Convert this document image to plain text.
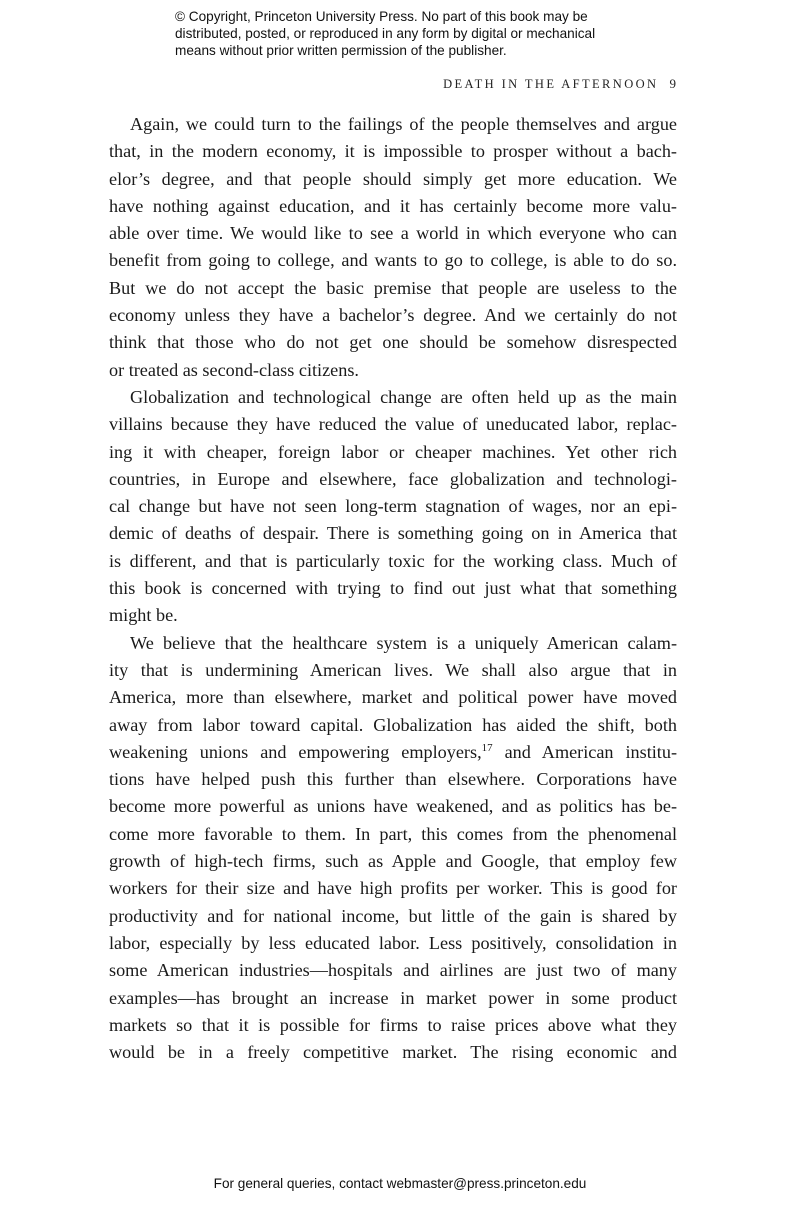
© Copyright, Princeton University Press. No part of this book may be
distributed, posted, or reproduced in any form by digital or mechanical
means without prior written permission of the publisher.
DEATH IN THE AFTERNOON 9
Again, we could turn to the failings of the people themselves and argue
that, in the modern economy, it is impossible to prosper without a bach-
elor’s degree, and that people should simply get more education. We
have nothing against education, and it has certainly become more valu-
able over time. We would like to see a world in which everyone who can
benefit from going to college, and wants to go to college, is able to do so.
But we do not accept the basic premise that people are useless to the
economy unless they have a bachelor’s degree. And we certainly do not
think that those who do not get one should be somehow disrespected
or treated as second-class citizens.
Globalization and technological change are often held up as the main
villains because they have reduced the value of uneducated labor, replac-
ing it with cheaper, foreign labor or cheaper machines. Yet other rich
countries, in Europe and elsewhere, face globalization and technologi-
cal change but have not seen long-term stagnation of wages, nor an epi-
demic of deaths of despair. There is something going on in America that
is different, and that is particularly toxic for the working class. Much of
this book is concerned with trying to find out just what that something
might be.
We believe that the healthcare system is a uniquely American calam-
ity that is undermining American lives. We shall also argue that in
America, more than elsewhere, market and political power have moved
away from labor toward capital. Globalization has aided the shift, both
weakening unions and empowering employers,$^{17}$ and American institu-
tions have helped push this further than elsewhere. Corporations have
become more powerful as unions have weakened, and as politics has be-
come more favorable to them. In part, this comes from the phenomenal
growth of high-tech firms, such as Apple and Google, that employ few
workers for their size and have high profits per worker. This is good for
productivity and for national income, but little of the gain is shared by
labor, especially by less educated labor. Less positively, consolidation in
some American industries—hospitals and airlines are just two of many
examples—has brought an increase in market power in some product
markets so that it is possible for firms to raise prices above what they
would be in a freely competitive market. The rising economic and
For general queries, contact webmaster@press.princeton.edu
